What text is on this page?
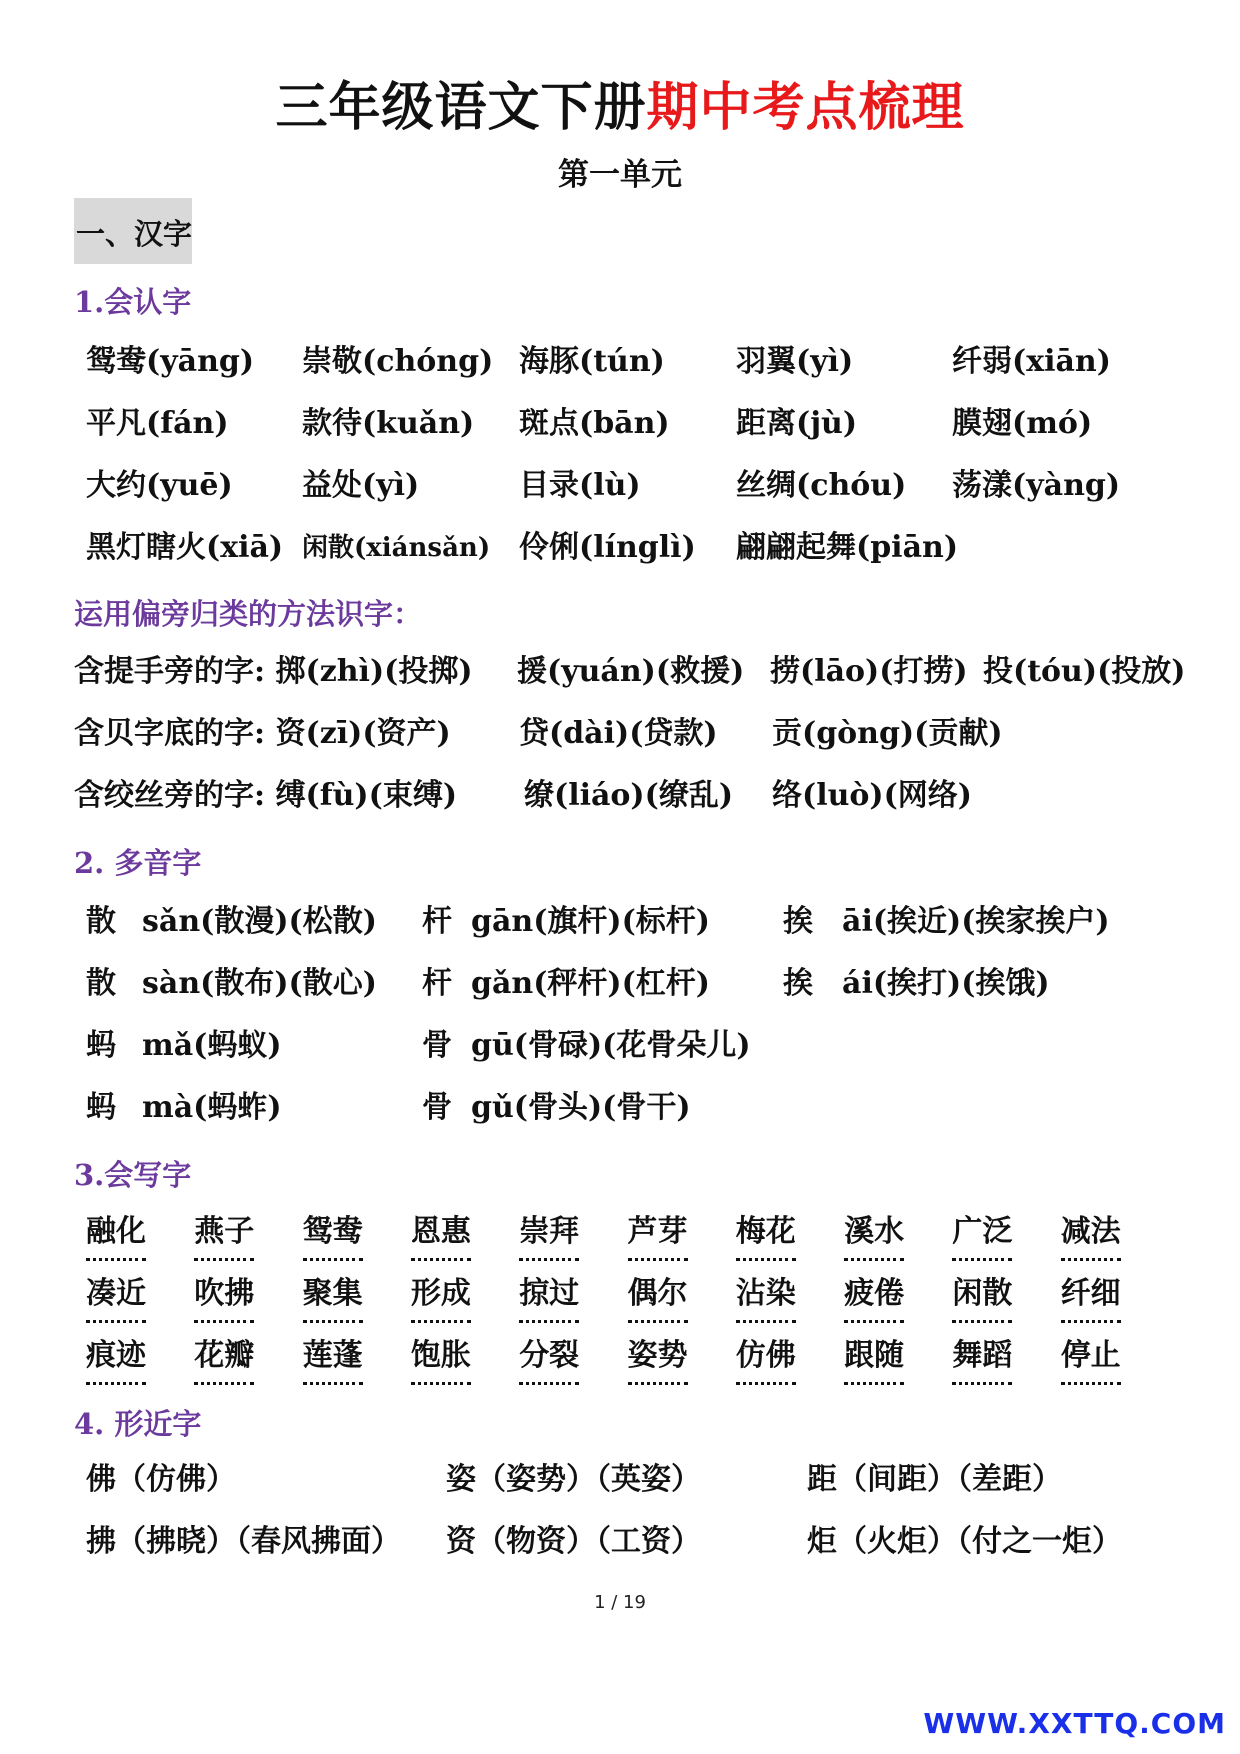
三年级语文下册期中考点梳理
第一单元
一、汉字
1.会认字
鸳鸯(yāng) 崇敬(chóng) 海豚(tún) 羽翼(yì)	纤弱(xiān)
平凡(fán) 款待(kuǎn) 斑点(bān) 距离(jù)	膜翅(mó)
大约(yuē) 益处(yì)	目录(lù)	丝绸(chóu) 荡漾(yàng)
黑灯瞎火(xiā) 闲散(xiánsǎn) 伶俐(línglì) 翩翩起舞(piān)
运用偏旁归类的方法识字：
含提手旁的字: 掷(zhì)(投掷) 援(yuán)(救援) 捞(lāo)(打捞) 投(tóu)(投放)
含贝字底的字: 资(zī)(资产) 贷(dài)(贷款) 贡(gòng)(贡献)
含绞丝旁的字: 缚(fù)(束缚) 缭(liáo)(缭乱) 络(luò)(网络)
2. 多音字
散 sǎn(散漫)(松散) 杆 gān(旗杆)(标杆) 挨 āi(挨近)(挨家挨户)
散 sàn(散布)(散心) 杆 gǎn(秤杆)(杠杆) 挨 ái(挨打)(挨饿)
蚂 mǎ(蚂蚁)	骨 gū(骨碌)(花骨朵儿)
蚂 mà(蚂蚱)	骨 gǔ(骨头)(骨干)
3.会写字
融化 燕子 鸳鸯 恩惠 崇拜 芦芽 梅花 溪水 广泛 减法
凑近 吹拂 聚集 形成 掠过 偶尔 沾染 疲倦 闲散 纤细
痕迹 花瓣 莲蓬 饱胀 分裂 姿势 仿佛 跟随 舞蹈 停止
4. 形近字
佛（仿佛）	姿（姿势）（英姿）	距（间距）（差距）
拂（拂晓）（春风拂面） 资（物资）（工资）	炬（火炬）（付之一炬）
1 / 19
WWW.XXTTQ.COM
